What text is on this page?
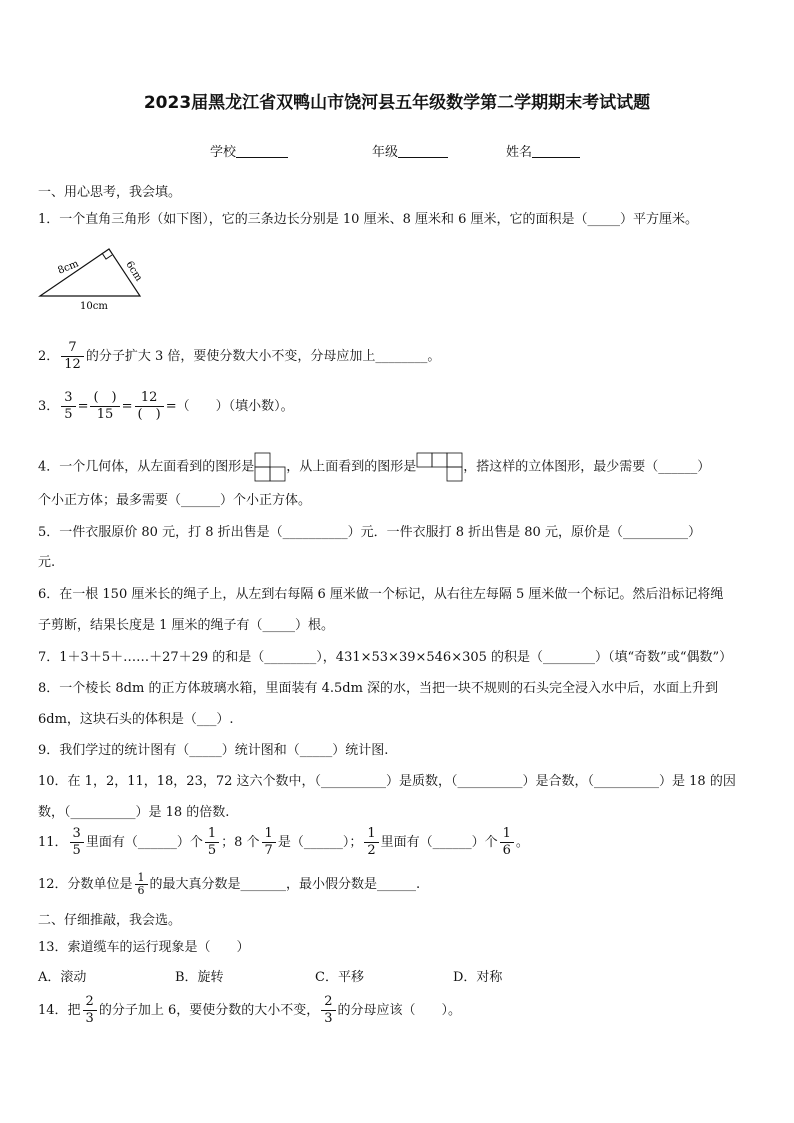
2023届黑龙江省双鸭山市饶河县五年级数学第二学期期末考试试题
学校	年级	姓名
一、用心思考，我会填。
1．一个直角三角形（如下图），它的三条边长分别是 10 厘米、8 厘米和 6 厘米，它的面积是（_____）平方厘米。
8cm	6cm
10cm
2． $\frac{7}{12}$ 的分子扩大 3 倍，要使分数大小不变，分母应加上________。
3． $\frac{3}{5} = \frac{( )}{15} = \frac{12}{( )}$ =（　　）（填小数）。
4．一个几何体，从左面看到的图形是 ，从上面看到的图形是	，搭这样的立体图形，最少需要（______）
个小正方体；最多需要（______）个小正方体。
5．一件衣服原价 80 元，打 8 折出售是（__________）元．一件衣服打 8 折出售是 80 元，原价是（__________）
元.
6．在一根 150 厘米长的绳子上，从左到右每隔 6 厘米做一个标记，从右往左每隔 5 厘米做一个标记。然后沿标记将绳
子剪断，结果长度是 1 厘米的绳子有（_____）根。
7．1＋3＋5＋……＋27＋29 的和是（________），431×53×39×546×305 的积是（________）（填“奇数”或“偶数”）
8．一个棱长 8dm 的正方体玻璃水箱，里面装有 4.5dm 深的水，当把一块不规则的石头完全浸入水中后，水面上升到
6dm，这块石头的体积是（___）.
9．我们学过的统计图有（_____）统计图和（_____）统计图.
10．在 1，2，11，18，23，72 这六个数中，（__________）是质数，（__________）是合数，（__________）是 18 的因
数，（__________）是 18 的倍数.
11． $\frac{3}{5}$ 里面有（______）个 $\frac{1}{5}$ ；8 个 $\frac{1}{7}$ 是（______）； $\frac{1}{2}$ 里面有（______）个 $\frac{1}{6}$ 。
12．分数单位是 $\frac{1}{6}$ 的最大真分数是_______，最小假分数是______.
二、仔细推敲，我会选。
13．索道缆车的运行现象是（　　）
A．滚动	B．旋转	C．平移	D．对称
14．把 $\frac{2}{3}$ 的分子加上 6，要使分数的大小不变， $\frac{2}{3}$ 的分母应该（　　）。
